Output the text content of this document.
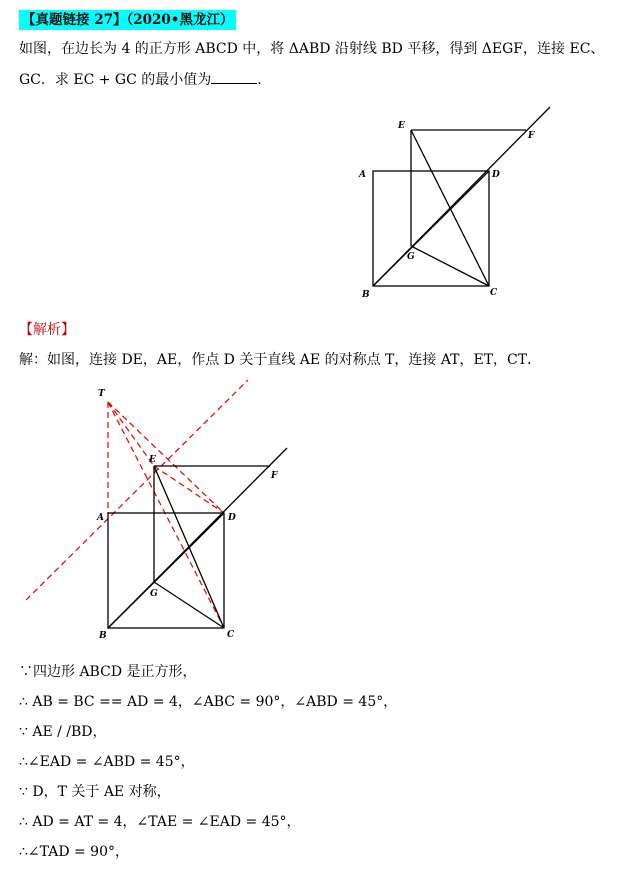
【真题链接 27】（2020•黑龙江）
如图，在边长为 4 的正方形 ABCD 中，将 ΔABD 沿射线 BD 平移，得到 ΔEGF，连接 EC、
GC．求 EC + GC 的最小值为	．
E
F
A	D
G
B	C
【解析】
解：如图，连接 DE，AE，作点 D 关于直线 AE 的对称点 T，连接 AT，ET，CT．
T
E
F
A	D
G
B	C
∵四边形 ABCD 是正方形，
∴ AB = BC == AD = 4，∠ABC = 90°，∠ABD = 45°，
∵ AE / /BD，
∴∠EAD = ∠ABD = 45°，
∵ D，T 关于 AE 对称，
∴ AD = AT = 4，∠TAE = ∠EAD = 45°，
∴∠TAD = 90°，
